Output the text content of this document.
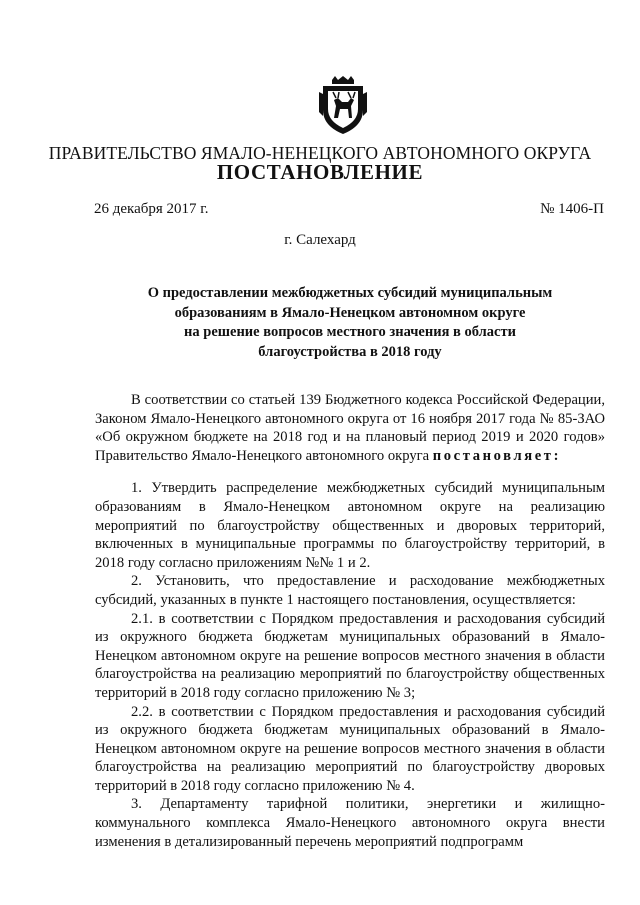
ПРАВИТЕЛЬСТВО ЯМАЛО-НЕНЕЦКОГО АВТОНОМНОГО ОКРУГА
ПОСТАНОВЛЕНИЕ
26 декабря 2017 г.	№ 1406-П
г. Салехард
О предоставлении межбюджетных субсидий муниципальным
образованиям в Ямало-Ненецком автономном округе
на решение вопросов местного значения в области
благоустройства в 2018 году

В соответствии со статьей 139 Бюджетного кодекса Российской Федерации, Законом Ямало-Ненецкого автономного округа от 16 ноября 2017 года № 85-ЗАО «Об окружном бюджете на 2018 год и на плановый период 2019 и 2020 годов» Правительство Ямало-Ненецкого автономного округа постановляет:

1. Утвердить распределение межбюджетных субсидий муниципальным образованиям в Ямало-Ненецком автономном округе на реализацию мероприятий по благоустройству общественных и дворовых территорий, включенных в муниципальные программы по благоустройству территорий, в 2018 году согласно приложениям №№ 1 и 2.

2. Установить, что предоставление и расходование межбюджетных субсидий, указанных в пункте 1 настоящего постановления, осуществляется:

2.1. в соответствии с Порядком предоставления и расходования субсидий из окружного бюджета бюджетам муниципальных образований в Ямало-Ненецком автономном округе на решение вопросов местного значения в области благоустройства на реализацию мероприятий по благоустройству общественных территорий в 2018 году согласно приложению № 3;

2.2. в соответствии с Порядком предоставления и расходования субсидий из окружного бюджета бюджетам муниципальных образований в Ямало-Ненецком автономном округе на решение вопросов местного значения в области благоустройства на реализацию мероприятий по благоустройству дворовых территорий в 2018 году согласно приложению № 4.

3. Департаменту тарифной политики, энергетики и жилищно-коммунального комплекса Ямало-Ненецкого автономного округа внести изменения в детализированный перечень мероприятий подпрограмм
